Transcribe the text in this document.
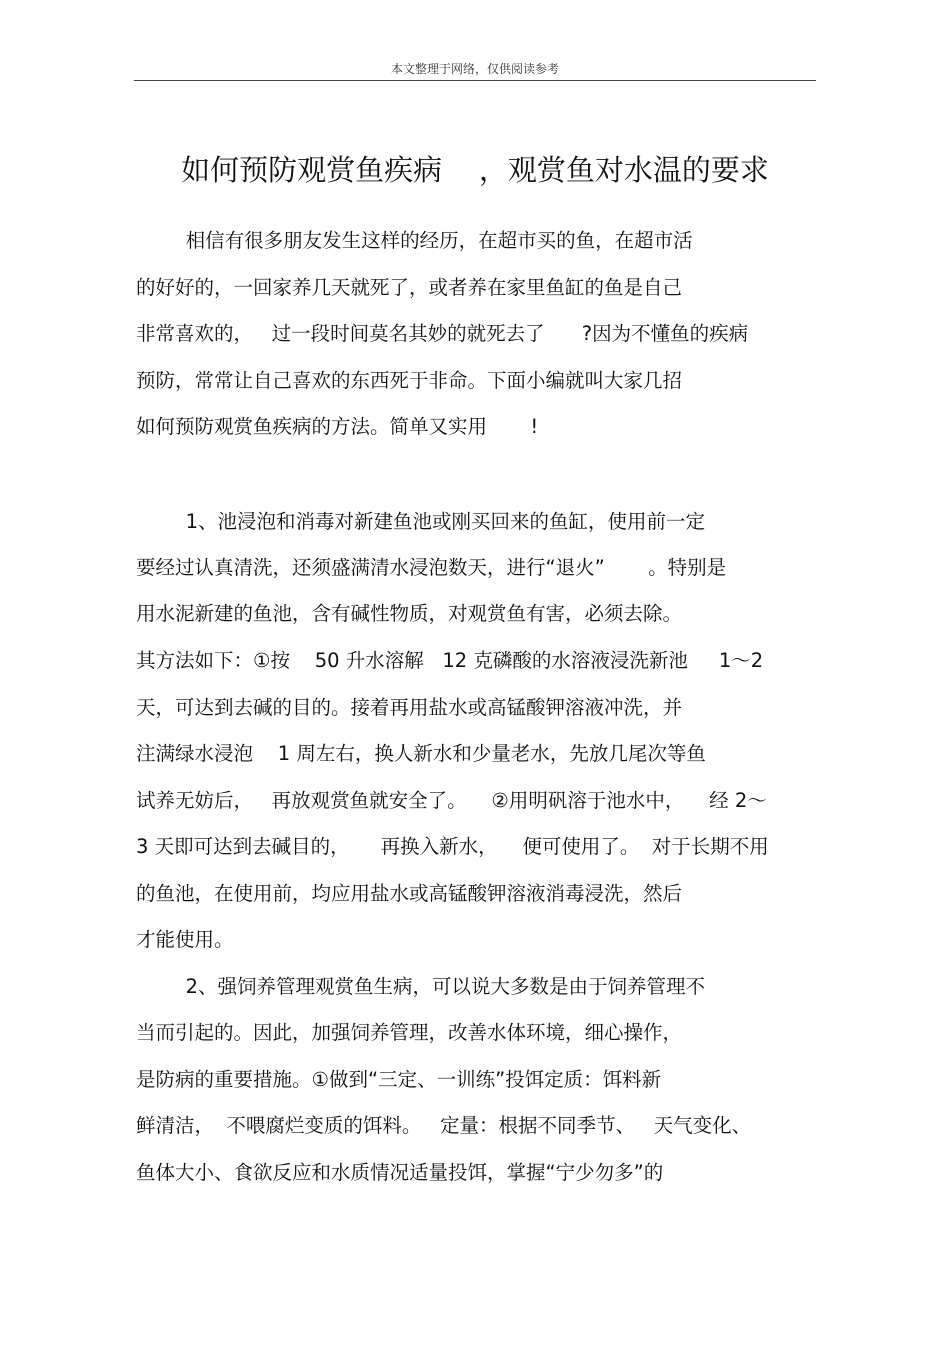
本文整理于网络，仅供阅读参考
如何预防观赏鱼疾病    ，观赏鱼对水温的要求
相信有很多朋友发生这样的经历，在超市买的鱼，在超市活
的好好的，一回家养几天就死了，或者养在家里鱼缸的鱼是自己
非常喜欢的，   过一段时间莫名其妙的就死去了      ?因为不懂鱼的疾病
预防，常常让自己喜欢的东西死于非命。下面小编就叫大家几招
如何预防观赏鱼疾病的方法。简单又实用       !
1、池浸泡和消毒对新建鱼池或刚买回来的鱼缸，使用前一定
要经过认真清洗，还须盛满清水浸泡数天，进行“退火”       。特别是
用水泥新建的鱼池，含有碱性物质，对观赏鱼有害，必须去除。
其方法如下：①按    50 升水溶解   12 克磷酸的水溶液浸洗新池     1～2
天，可达到去碱的目的。接着再用盐水或高锰酸钾溶液冲洗，并
注满绿水浸泡    1 周左右，换人新水和少量老水，先放几尾次等鱼
试养无妨后，   再放观赏鱼就安全了。    ②用明矾溶于池水中，    经 2～
3 天即可达到去碱目的，     再换入新水，    便可使用了。  对于长期不用
的鱼池，在使用前，均应用盐水或高锰酸钾溶液消毒浸洗，然后
才能使用。
2、强饲养管理观赏鱼生病，可以说大多数是由于饲养管理不
当而引起的。因此，加强饲养管理，改善水体环境，细心操作，
是防病的重要措施。①做到“三定、一训练”投饵定质：饵料新
鲜清洁，  不喂腐烂变质的饵料。   定量：根据不同季节、   天气变化、
鱼体大小、食欲反应和水质情况适量投饵，掌握“宁少勿多”的
